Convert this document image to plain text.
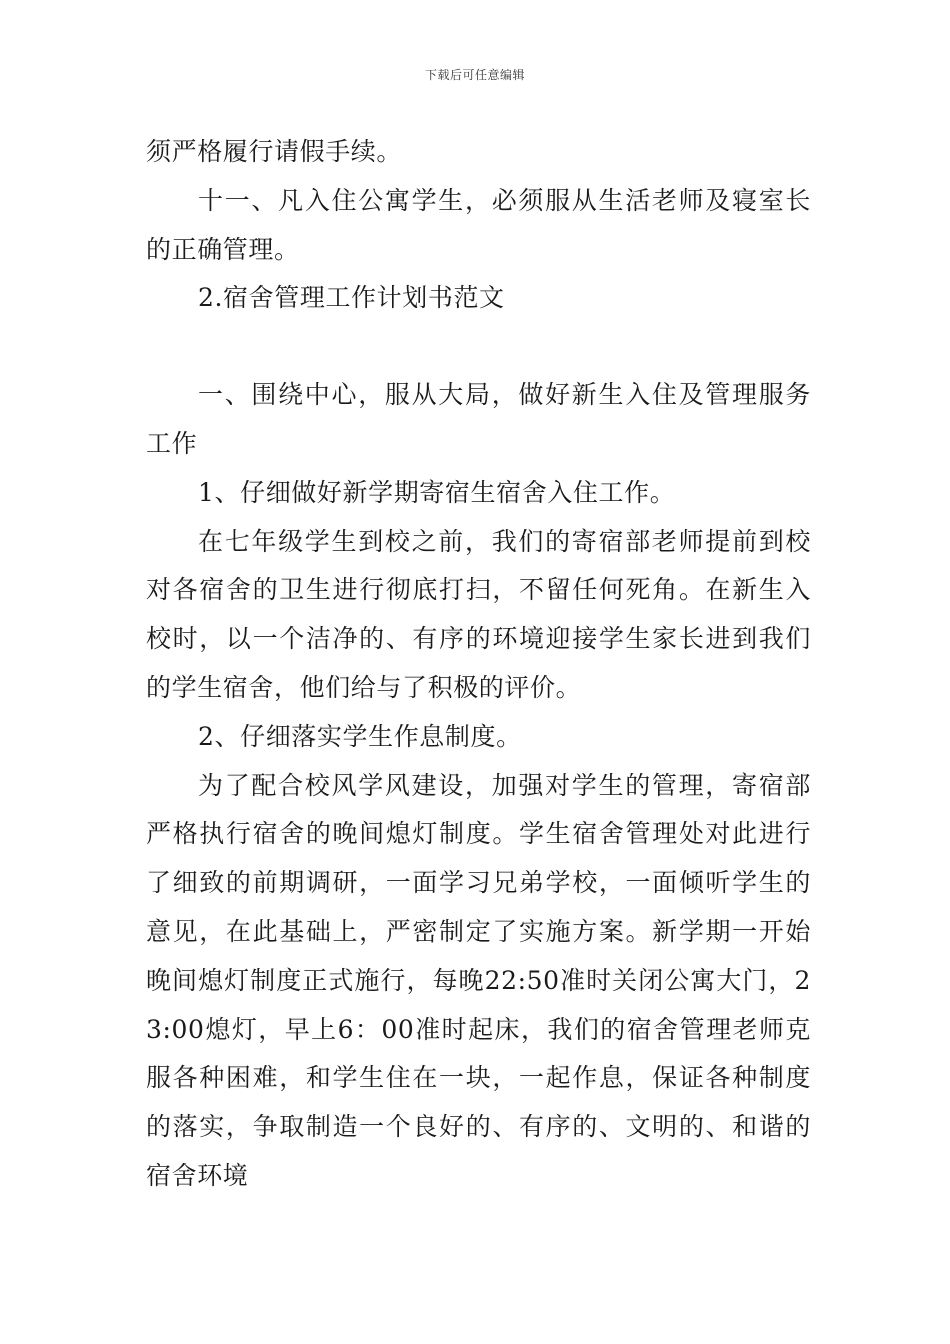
下载后可任意编辑

须严格履行请假手续。

十一、凡入住公寓学生，必须服从生活老师及寝室长的正确管理。

2.宿舍管理工作计划书范文

一、围绕中心，服从大局，做好新生入住及管理服务工作

1、仔细做好新学期寄宿生宿舍入住工作。

在七年级学生到校之前，我们的寄宿部老师提前到校对各宿舍的卫生进行彻底打扫，不留任何死角。在新生入校时，以一个洁净的、有序的环境迎接学生家长进到我们的学生宿舍，他们给与了积极的评价。

2、仔细落实学生作息制度。

为了配合校风学风建设，加强对学生的管理，寄宿部严格执行宿舍的晚间熄灯制度。学生宿舍管理处对此进行了细致的前期调研，一面学习兄弟学校，一面倾听学生的意见，在此基础上，严密制定了实施方案。新学期一开始晚间熄灯制度正式施行，每晚22:50准时关闭公寓大门，23:00熄灯，早上6：00准时起床，我们的宿舍管理老师克服各种困难，和学生住在一块，一起作息，保证各种制度的落实，争取制造一个良好的、有序的、文明的、和谐的宿舍环境
